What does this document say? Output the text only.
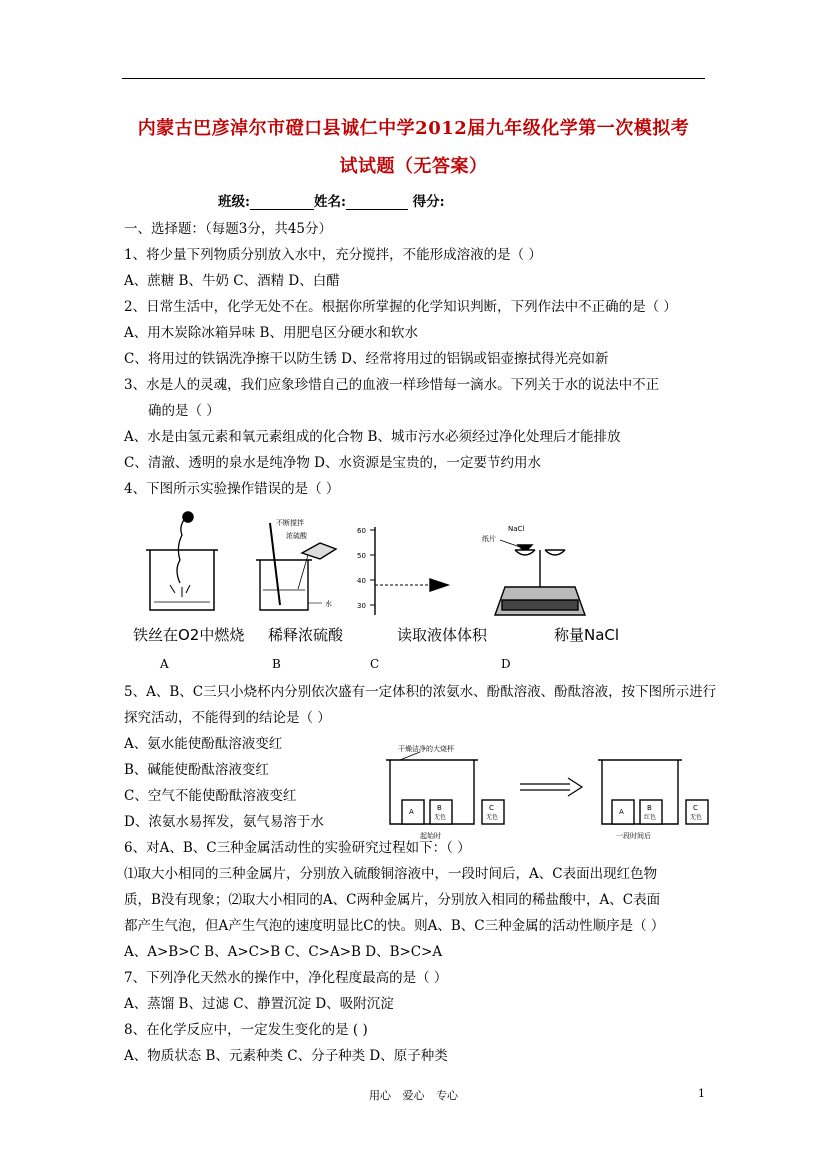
内蒙古巴彦淖尔市磴口县诚仁中学2012届九年级化学第一次模拟考
试试题（无答案）
班级:	姓名:	得分:
一、选择题：（每题3分，共45分）
1、将少量下列物质分别放入水中，充分搅拌，不能形成溶液的是（ ）
A、蔗糖 B、牛奶 C、酒精 D、白醋
2、日常生活中，化学无处不在。根据你所掌握的化学知识判断，下列作法中不正确的是（ ）
A、用木炭除冰箱异味 B、用肥皂区分硬水和软水
C、将用过的铁锅洗净擦干以防生锈 D、经常将用过的铝锅或铝壶擦拭得光亮如新
3、水是人的灵魂，我们应象珍惜自己的血液一样珍惜每一滴水。下列关于水的说法中不正
确的是（ ）
A、水是由氢元素和氧元素组成的化合物 B、城市污水必须经过净化处理后才能排放
C、清澈、透明的泉水是纯净物 D、水资源是宝贵的，一定要节约用水
4、下图所示实验操作错误的是（ ）
不断搅拌
浓硫酸
水
60
50
40
30
纸片
NaCl
铁丝在O2中燃烧 稀释浓硫酸	读取液体体积	称量NaCl
A	B	C	D
5、A、B、C三只小烧杯内分别依次盛有一定体积的浓氨水、酚酞溶液、酚酞溶液，按下图所示进行
探究活动，不能得到的结论是（ ）
A、氨水能使酚酞溶液变红
B、碱能使酚酞溶液变红
C、空气不能使酚酞溶液变红
D、浓氨水易挥发，氨气易溶于水
干燥洁净的大烧杯
A	B
无色
C
无色
起始时
A	B
红色
C
无色
一段时间后
6、对A、B、C三种金属活动性的实验研究过程如下：（ ）
⑴取大小相同的三种金属片，分别放入硫酸铜溶液中，一段时间后，A、C表面出现红色物
质，B没有现象；⑵取大小相同的A、C两种金属片，分别放入相同的稀盐酸中，A、C表面
都产生气泡，但A产生气泡的速度明显比C的快。则A、B、C三种金属的活动性顺序是（ ）
A、A>B>C B、A>C>B C、C>A>B D、B>C>A
7、下列净化天然水的操作中，净化程度最高的是（ ）
A、蒸馏 B、过滤 C、静置沉淀 D、吸附沉淀
8、在化学反应中，一定发生变化的是 ( )
A、物质状态 B、元素种类 C、分子种类 D、原子种类
用心 爱心 专心	1
